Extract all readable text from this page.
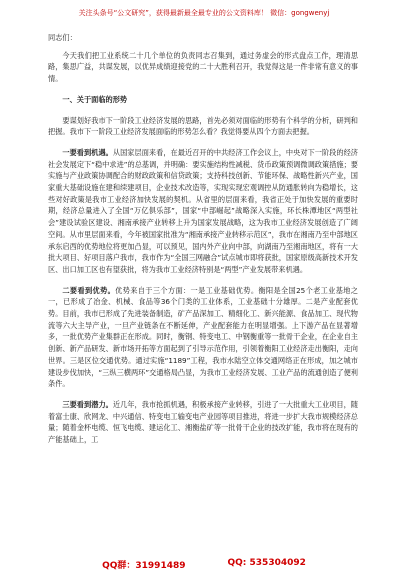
关注头条号“公文研究”，获得最新最全最专业的公文资料库！ 微信：gongwenyj

同志们：

今天我们把工业系统二十几个单位的负责同志召集到，通过务虚会的形式盘点工作，理清思路，集思广益，共谋发展，以优异成绩迎接党的二十大胜利召开，我觉得这是一件非常有意义的事情。

一、关于面临的形势

要谋划好我市下一阶段工业经济发展的思路，首先必须对面临的形势有个科学的分析，研判和把握。我市下一阶段工业经济发展面临的形势怎么看？我觉得要从四个方面去把握。

一要看到机遇。从国家层面来看，在最近召开的中共经济工作会议上，中央对下一阶段的经济社会发展定下“稳中求进”的总基调，并明确：要实施结构性减税、货币政策预调微调政策措施；要实施与产业政策协调配合的财政政策和信贷政策；支持科技创新、节能环保、战略性新兴产业，国家重大基础设施在建和续建项目，企业技术改造等，实现实现宏观调控从防通胀转向为稳增长，这些对好政策是我市工业经济加快发展的契机。从省里的层面来看，我省正处于加快发展的重要时期，经济总量进入了全国“万亿俱乐部”，国家“中部崛起”战略深入实施，环长株潭地区“两型社会”建设试验区建设、湘南承接产业转移上升为国家发展战略，这为我市工业经济发展创造了广阔空间。从市里层面来看，今年被国家批准为“湘南承接产业转移示范区”，我市在湘南乃至中部地区承东启西的优势地位将更加凸显，可以预见，国内外产业向中部，向湖南乃至湘南地区，将有一大批大项目、好项目落户我市，我市作为“全国三网融合”试点城市即将获批，国家原级高新技术开发区、出口加工区也有望获批，将为我市工业经济特别是“两型”产业发展带来机遇。

二要看到优势。优势来自于三个方面：一是工业基础优势。衡阳是全国25个老工业基地之一，已形成了冶金、机械、食品等36个门类的工业体系，工业基础十分雄厚。二是产业配套优势。目前，我市已形成了先进装备制造，矿产品深加工、精细化工、新兴能源、食品加工、现代物流等六大主导产业，一旦产业链条在不断延伸，产业配套能力在明显增强。上下游产品在显著增多，一批优势产业集群正在形成。同时，衡钢、特变电工、中钢衡重等一批骨干企业，在企业自主创新、新产品研发、新市场开拓等方面起到了引导示范作用，引领着衡阳工业经济走出衡阳，走向世界。三是区位交通优势。通过实施“1189”工程，我市水陆空立体交通网络正在形成，加之城市建设步伐加快，“三纵三横两环”交通格局凸显，为我市工业经济发展、工业产品的流通创造了便利条件。

三要看到潜力。近几年，我市抢抓机遇，积极承接产业转移，引进了一大批重大工业项目，随着富士康、欣网龙、中兴通信、特变电工输变电产业园等项目推进，将进一步扩大我市规模经济总量；随着金杯电缆、恒飞电缆、建运化工、湘衡盐矿等一批骨干企业的技改扩能，我市将在现有的产能基础上，工

QQ群：31991489	QQ: 535304092
